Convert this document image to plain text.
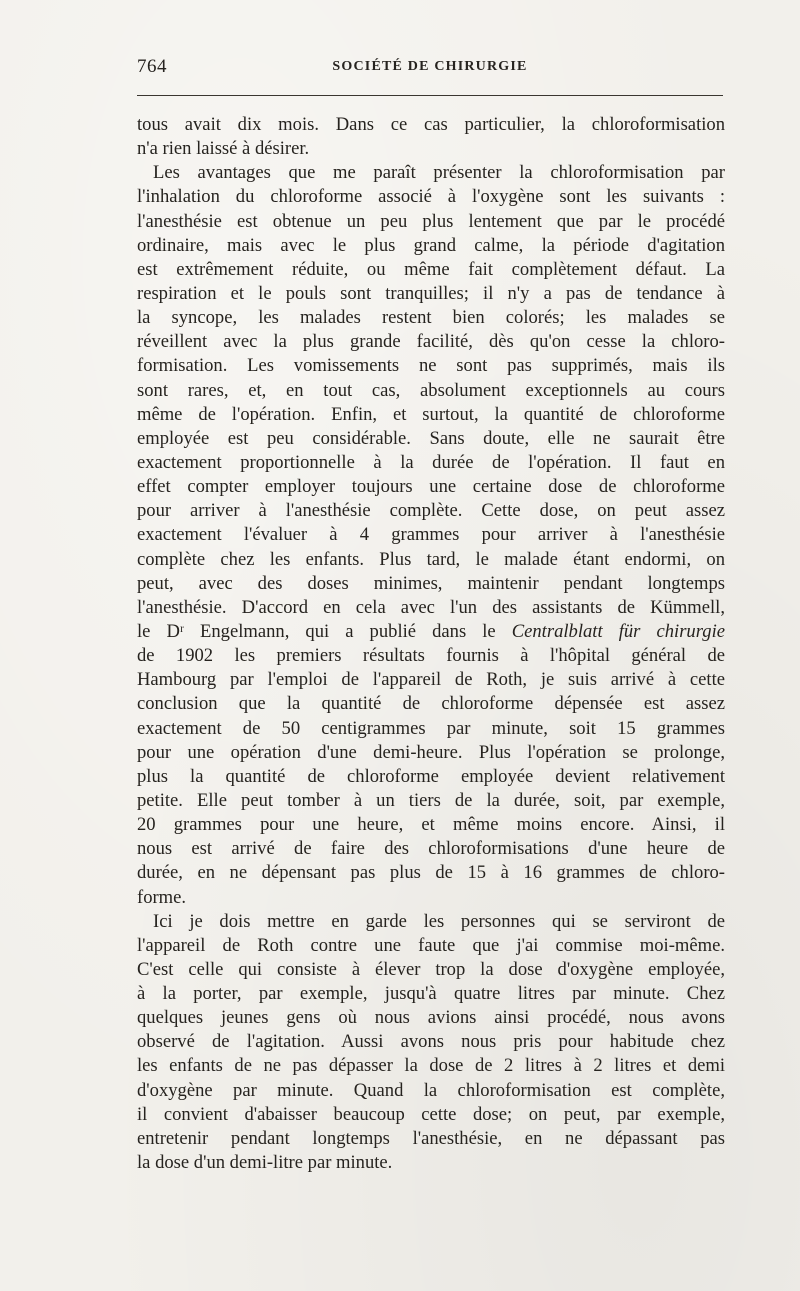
764	SOCIÉTÉ DE CHIRURGIE
tous avait dix mois. Dans ce cas particulier, la chloroformisation
n'a rien laissé à désirer.
Les avantages que me paraît présenter la chloroformisation par
l'inhalation du chloroforme associé à l'oxygène sont les suivants :
l'anesthésie est obtenue un peu plus lentement que par le procédé
ordinaire, mais avec le plus grand calme, la période d'agitation
est extrêmement réduite, ou même fait complètement défaut. La
respiration et le pouls sont tranquilles; il n'y a pas de tendance à
la syncope, les malades restent bien colorés; les malades se
réveillent avec la plus grande facilité, dès qu'on cesse la chloro-
formisation. Les vomissements ne sont pas supprimés, mais ils
sont rares, et, en tout cas, absolument exceptionnels au cours
même de l'opération. Enfin, et surtout, la quantité de chloroforme
employée est peu considérable. Sans doute, elle ne saurait être
exactement proportionnelle à la durée de l'opération. Il faut en
effet compter employer toujours une certaine dose de chloroforme
pour arriver à l'anesthésie complète. Cette dose, on peut assez
exactement l'évaluer à 4 grammes pour arriver à l'anesthésie
complète chez les enfants. Plus tard, le malade étant endormi, on
peut, avec des doses minimes, maintenir pendant longtemps
l'anesthésie. D'accord en cela avec l'un des assistants de Kümmell,
le Dʳ Engelmann, qui a publié dans le Centralblatt für chirurgie
de 1902 les premiers résultats fournis à l'hôpital général de
Hambourg par l'emploi de l'appareil de Roth, je suis arrivé à cette
conclusion que la quantité de chloroforme dépensée est assez
exactement de 50 centigrammes par minute, soit 15 grammes
pour une opération d'une demi-heure. Plus l'opération se prolonge,
plus la quantité de chloroforme employée devient relativement
petite. Elle peut tomber à un tiers de la durée, soit, par exemple,
20 grammes pour une heure, et même moins encore. Ainsi, il
nous est arrivé de faire des chloroformisations d'une heure de
durée, en ne dépensant pas plus de 15 à 16 grammes de chloro-
forme.
Ici je dois mettre en garde les personnes qui se serviront de
l'appareil de Roth contre une faute que j'ai commise moi-même.
C'est celle qui consiste à élever trop la dose d'oxygène employée,
à la porter, par exemple, jusqu'à quatre litres par minute. Chez
quelques jeunes gens où nous avions ainsi procédé, nous avons
observé de l'agitation. Aussi avons nous pris pour habitude chez
les enfants de ne pas dépasser la dose de 2 litres à 2 litres et demi
d'oxygène par minute. Quand la chloroformisation est complète,
il convient d'abaisser beaucoup cette dose; on peut, par exemple,
entretenir pendant longtemps l'anesthésie, en ne dépassant pas
la dose d'un demi-litre par minute.
